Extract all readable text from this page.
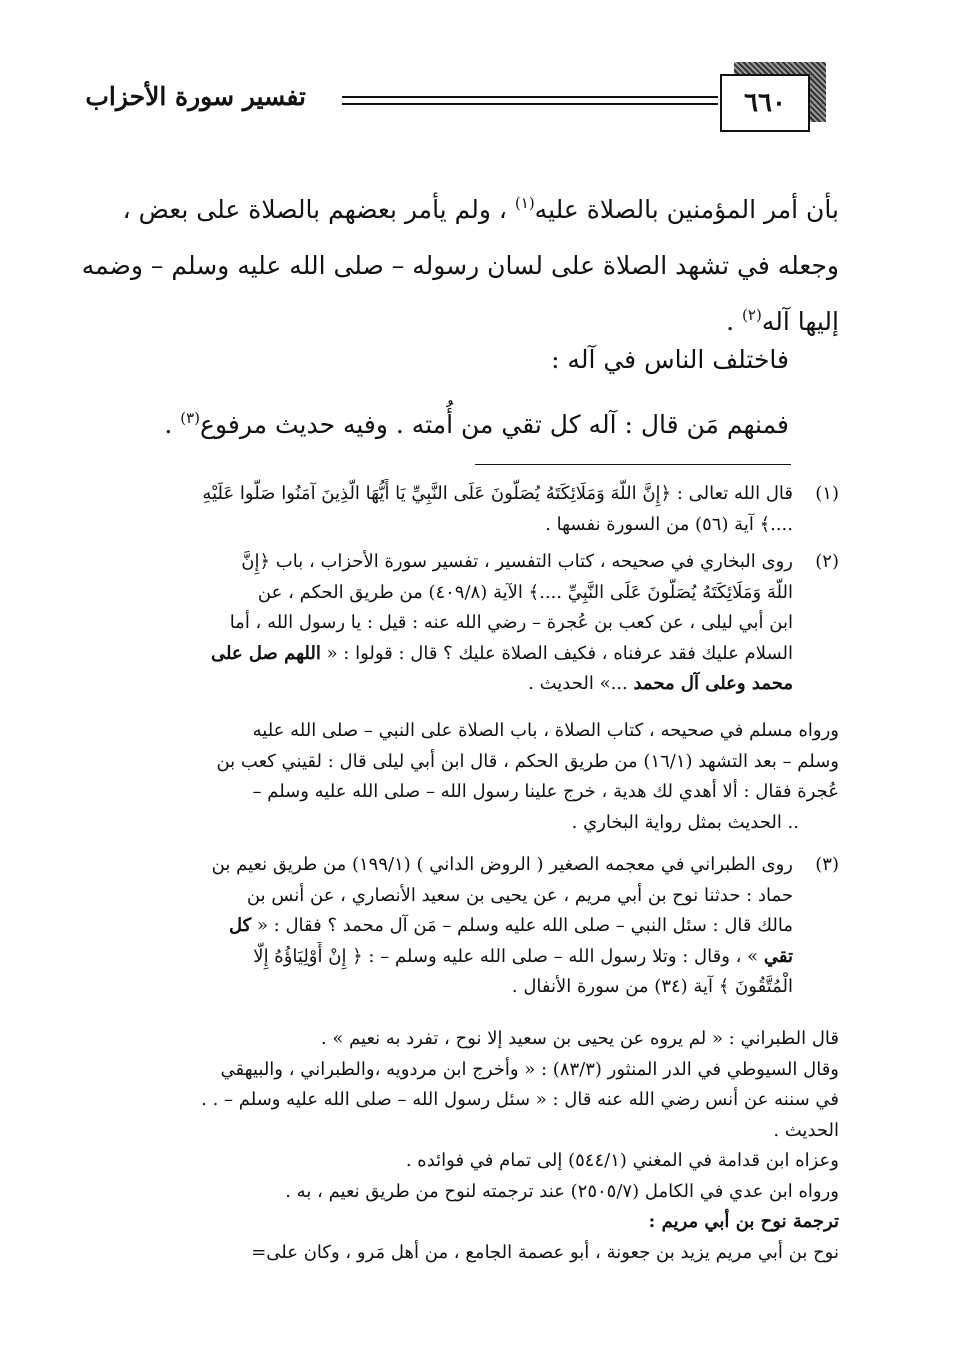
تفسير سورة الأحزاب	٦٦٠
بأن أمر المؤمنين بالصلاة عليه$^{(١)}$ ، ولم يأمر بعضهم بالصلاة على بعض ،
وجعله في تشهد الصلاة على لسان رسوله – صلى الله عليه وسلم – وضمه
إليها آله$^{(٢)}$ .
فاختلف الناس في آله :
فمنهم مَن قال : آله كل تقي من أُمته . وفيه حديث مرفوع$^{(٣)}$ .
(١)
قال الله تعالى : ﴿إِنَّ اللَّهَ وَمَلَائِكَتَهُ يُصَلُّونَ عَلَى النَّبِيِّ يَا أَيُّهَا الَّذِينَ آمَنُوا صَلُّوا عَلَيْهِ
....﴾ آية (٥٦) من السورة نفسها .
(٢)
روى البخاري في صحيحه ، كتاب التفسير ، تفسير سورة الأحزاب ، باب ﴿إِنَّ
اللَّهَ وَمَلَائِكَتَهُ يُصَلُّونَ عَلَى النَّبِيِّ ....﴾ الآية (٤٠٩/٨) من طريق الحكم ، عن
ابن أبي ليلى ، عن كعب بن عُجرة – رضي الله عنه : قيل : يا رسول الله ، أما
السلام عليك فقد عرفناه ، فكيف الصلاة عليك ؟ قال : قولوا : « اللهم صل على
محمد وعلى آل محمد ...» الحديث .
ورواه مسلم في صحيحه ، كتاب الصلاة ، باب الصلاة على النبي – صلى الله عليه
وسلم – بعد التشهد (١٦/١) من طريق الحكم ، قال ابن أبي ليلى قال : لقيني كعب بن
عُجرة فقال : ألا أهدي لك هدية ، خرج علينا رسول الله – صلى الله عليه وسلم –
.. الحديث بمثل رواية البخاري .
(٣)
روى الطبراني في معجمه الصغير ( الروض الداني ) (١٩٩/١) من طريق نعيم بن
حماد : حدثنا نوح بن أبي مريم ، عن يحيى بن سعيد الأنصاري ، عن أنس بن
مالك قال : سئل النبي – صلى الله عليه وسلم – مَن آل محمد ؟ فقال : « كل
تقي » ، وقال : وتلا رسول الله – صلى الله عليه وسلم – : ﴿ إِنْ أَوْلِيَاؤُهُ إِلَّا
الْمُتَّقُونَ ﴾ آية (٣٤) من سورة الأنفال .
قال الطبراني : « لم يروه عن يحيى بن سعيد إلا نوح ، تفرد به نعيم » .
وقال السيوطي في الدر المنثور (٨٣/٣) : « وأخرج ابن مردويه ،والطبراني ، والبيهقي
في سننه عن أنس رضي الله عنه قال : « سئل رسول الله – صلى الله عليه وسلم – . .
الحديث .
وعزاه ابن قدامة في المغني (٥٤٤/١) إلى تمام في فوائده .
ورواه ابن عدي في الكامل (٢٥٠٥/٧) عند ترجمته لنوح من طريق نعيم ، به .
ترجمة نوح بن أبي مريم :
نوح بن أبي مريم يزيد بن جعونة ، أبو عصمة الجامع ، من أهل مَرو ، وكان على=
